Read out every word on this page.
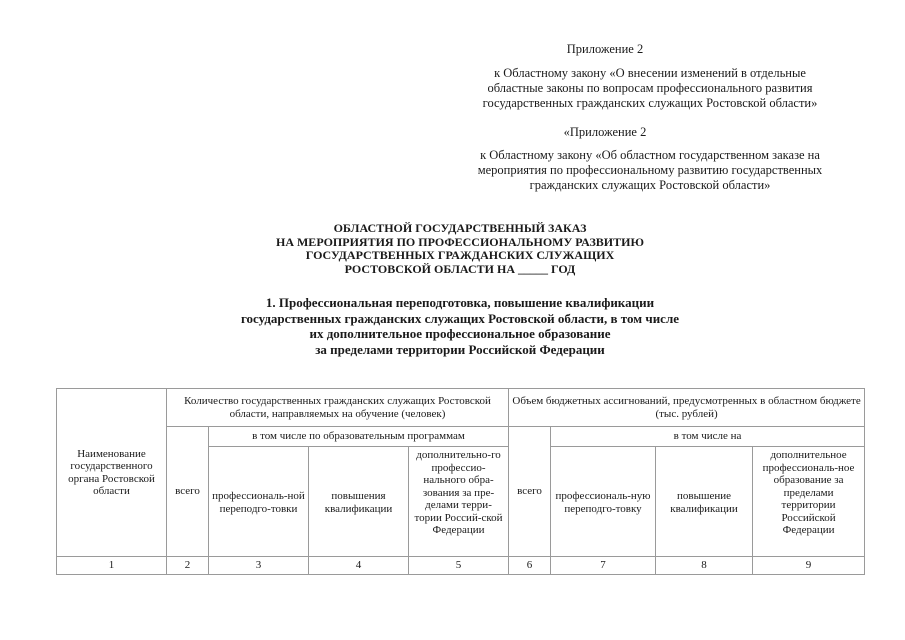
Приложение 2
к Областному закону «О внесении изменений в отдельные
областные законы по вопросам профессионального развития
государственных гражданских служащих Ростовской области»
«Приложение 2
к Областному закону «Об областном государственном заказе на
мероприятия по профессиональному развитию государственных
гражданских служащих Ростовской области»
ОБЛАСТНОЙ ГОСУДАРСТВЕННЫЙ ЗАКАЗ
НА МЕРОПРИЯТИЯ ПО ПРОФЕССИОНАЛЬНОМУ РАЗВИТИЮ
ГОСУДАРСТВЕННЫХ ГРАЖДАНСКИХ СЛУЖАЩИХ
РОСТОВСКОЙ ОБЛАСТИ НА _____ ГОД
1. Профессиональная переподготовка, повышение квалификации
государственных гражданских служащих Ростовской области, в том числе
их дополнительное профессиональное образование
за пределами территории Российской Федерации
Наименование государственного органа Ростовской области	Количество государственных гражданских служащих Ростовской области, направляемых на обучение (человек)				Объем бюджетных ассигнований, предусмотренных в областном бюджете (тыс. рублей)			
	всего	в том числе по образовательным программам			всего	в том числе на		
		профессиональ-ной переподго-товки	повышения квалификации	дополнительно-го профессио-нального обра-зования за пре-делами терри-тории Россий-ской Федерации		профессиональ-ную переподго-товку	повышение квалификации	дополнительное профессиональ-ное образование за пределами территории Российской Федерации
1	2	3	4	5	6	7	8	9
